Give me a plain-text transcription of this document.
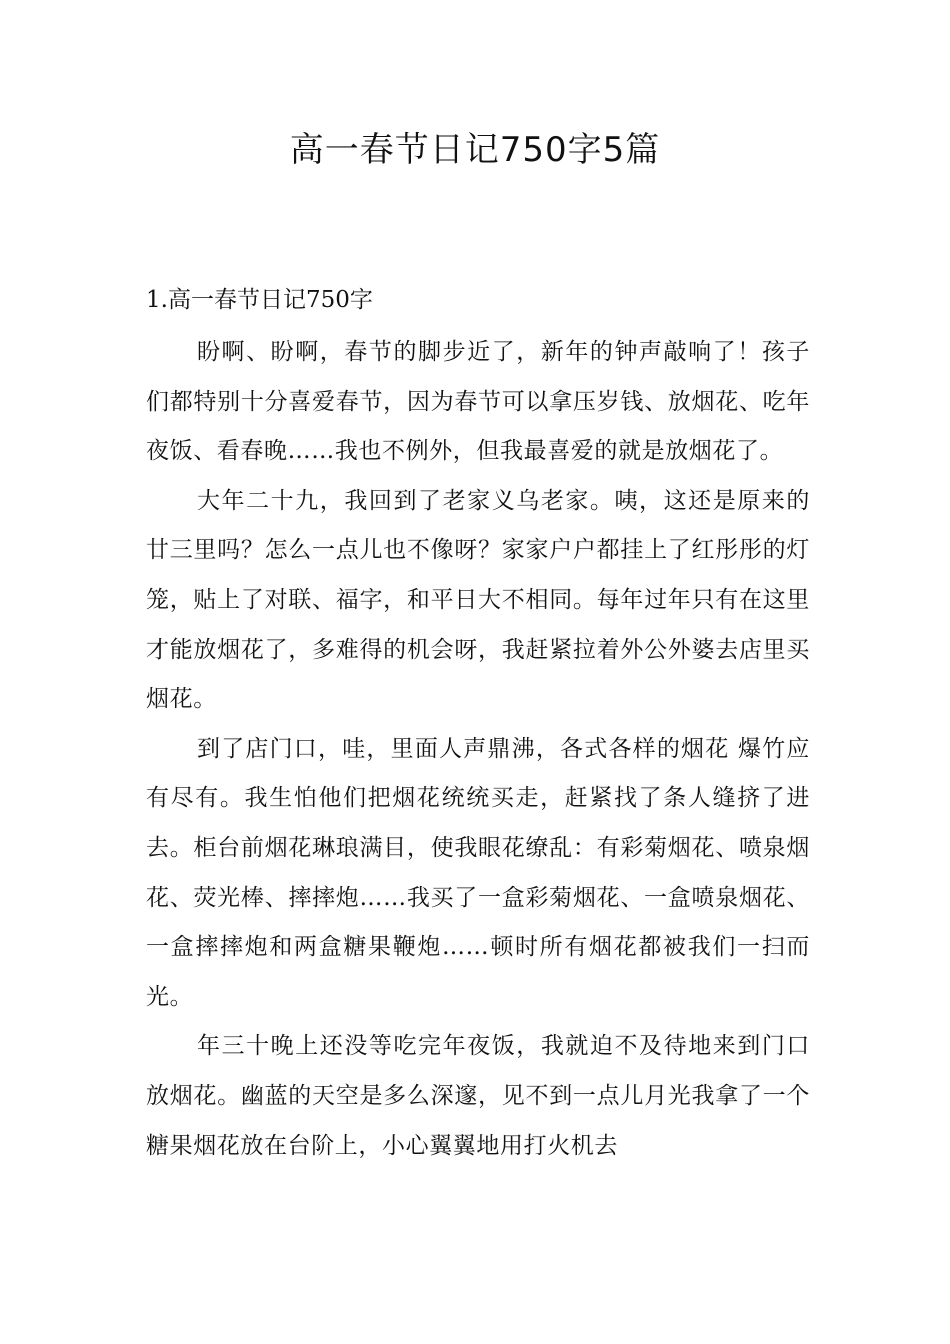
高一春节日记750字5篇
1.高一春节日记750字

盼啊、盼啊，春节的脚步近了，新年的钟声敲响了！孩子们都特别十分喜爱春节，因为春节可以拿压岁钱、放烟花、吃年夜饭、看春晚……我也不例外，但我最喜爱的就是放烟花了。

大年二十九，我回到了老家义乌老家。咦，这还是原来的廿三里吗？怎么一点儿也不像呀？家家户户都挂上了红彤彤的灯笼，贴上了对联、福字，和平日大不相同。每年过年只有在这里才能放烟花了，多难得的机会呀，我赶紧拉着外公外婆去店里买烟花。

到了店门口，哇，里面人声鼎沸，各式各样的烟花 爆竹应有尽有。我生怕他们把烟花统统买走，赶紧找了条人缝挤了进去。柜台前烟花琳琅满目，使我眼花缭乱：有彩菊烟花、喷泉烟花、荧光棒、摔摔炮……我买了一盒彩菊烟花、一盒喷泉烟花、一盒摔摔炮和两盒糖果鞭炮……顿时所有烟花都被我们一扫而光。

年三十晚上还没等吃完年夜饭，我就迫不及待地来到门口放烟花。幽蓝的天空是多么深邃，见不到一点儿月光我拿了一个糖果烟花放在台阶上，小心翼翼地用打火机去
